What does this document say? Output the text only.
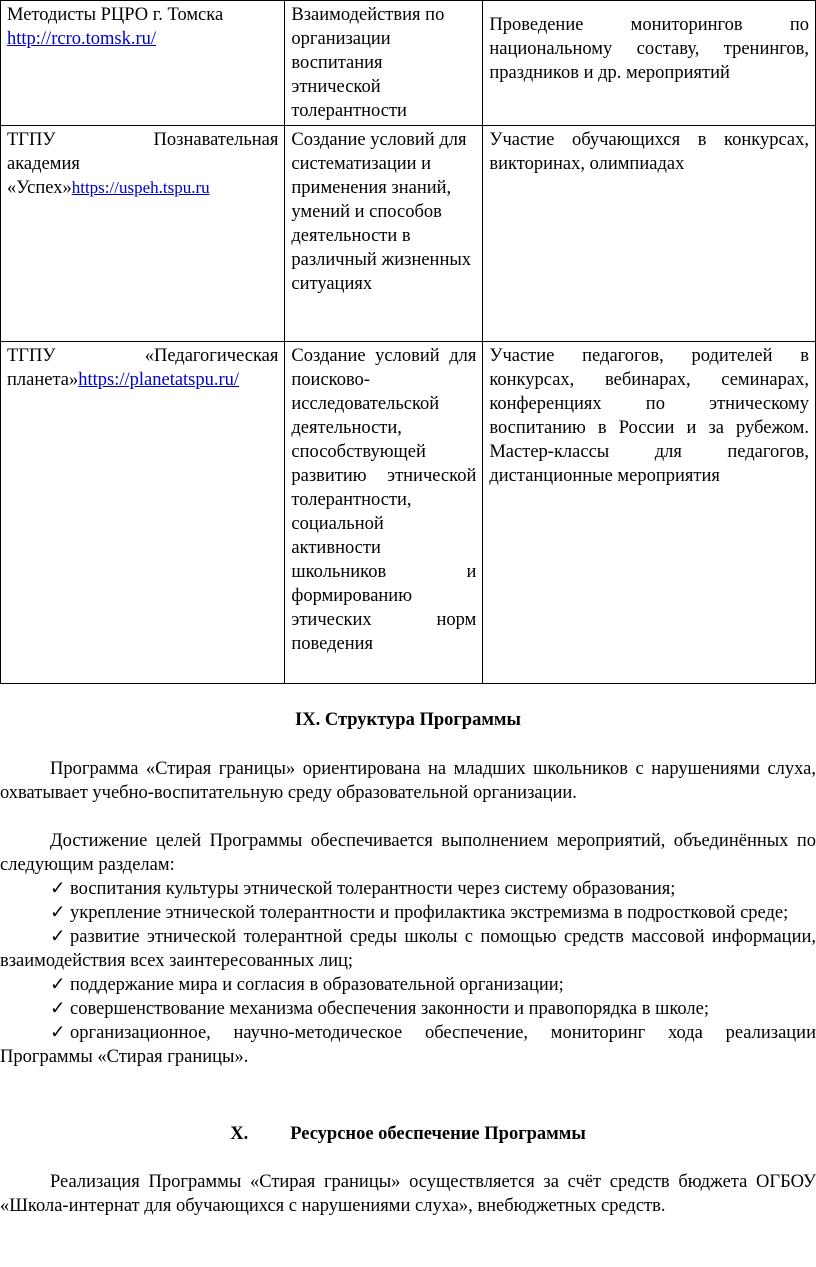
Методисты РЦРО г. Томска
http://rcro.tomsk.ru/	Взаимодействия по организации воспитания этнической толерантности	Проведение мониторингов по национальному составу, тренингов, праздников и др. мероприятий

ТГПУ Познавательная
академия
«Успех»https://uspeh.tspu.ru	Создание условий для систематизации и применения знаний, умений и способов деятельности в различный жизненных ситуациях	Участие обучающихся в конкурсах, викторинах, олимпиадах

ТГПУ «Педагогическая
планета»https://planetatspu.ru/	Создание условий для поисково-исследовательской деятельности, способствующей развитию этнической толерантности, социальной активности школьников и формированию этических норм поведения	Участие педагогов, родителей в конкурсах, вебинарах, семинарах, конференциях по этническому воспитанию в России и за рубежом. Мастер-классы для педагогов, дистанционные мероприятия
IX. Структура Программы

Программа «Стирая границы» ориентирована на младших школьников с нарушениями слуха, охватывает учебно-воспитательную среду образовательной организации.

Достижение целей Программы обеспечивается выполнением мероприятий, объединённых по следующим разделам:

✓ воспитания культуры этнической толерантности через систему образования;
✓ укрепление этнической толерантности и профилактика экстремизма в подростковой среде;
✓ развитие этнической толерантной среды школы с помощью средств массовой информации, взаимодействия всех заинтересованных лиц;
✓ поддержание мира и согласия в образовательной организации;
✓ совершенствование механизма обеспечения законности и правопорядка в школе;
✓ организационное, научно-методическое обеспечение, мониторинг хода реализации Программы «Стирая границы».
X. Ресурсное обеспечение Программы

Реализация Программы «Стирая границы» осуществляется за счёт средств бюджета ОГБОУ «Школа-интернат для обучающихся с нарушениями слуха», внебюджетных средств.
